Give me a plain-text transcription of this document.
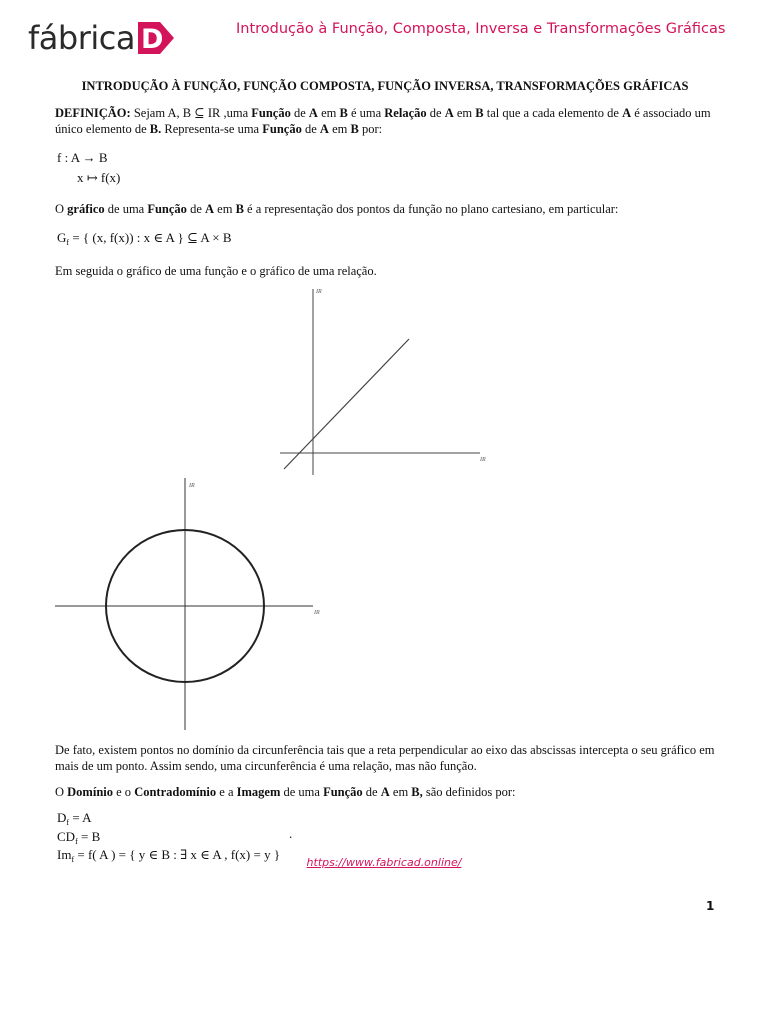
fábrica D	Introdução à Função, Composta, Inversa e Transformações Gráficas
INTRODUÇÃO À FUNÇÃO, FUNÇÃO COMPOSTA, FUNÇÃO INVERSA, TRANSFORMAÇÕES GRÁFICAS
DEFINIÇÃO: Sejam A, B ⊆ IR ,uma Função de A em B é uma Relação de A em B tal que a cada elemento de A é associado um único elemento de B. Representa-se uma Função de A em B por:
f : A → B
x ↦ f(x)
O gráfico de uma Função de A em B é a representação dos pontos da função no plano cartesiano, em particular:
$G_f$ = { (x, f(x)) : x ∈ A } ⊆ A × B
Em seguida o gráfico de uma função e o gráfico de uma relação.
IR
IR
IR
IR
De fato, existem pontos no domínio da circunferência tais que a reta perpendicular ao eixo das abscissas intercepta o seu gráfico em mais de um ponto. Assim sendo, uma circunferência é uma relação, mas não função.
O Domínio e o Contradomínio e a Imagem de uma Função de A em B, são definidos por:
$D_f = A$
$CD_f = B$	.
$Im_f = f$( A ) = { y ∈ B : ∃ x ∈ A , f(x) = y }
https://www.fabricad.online/
1
